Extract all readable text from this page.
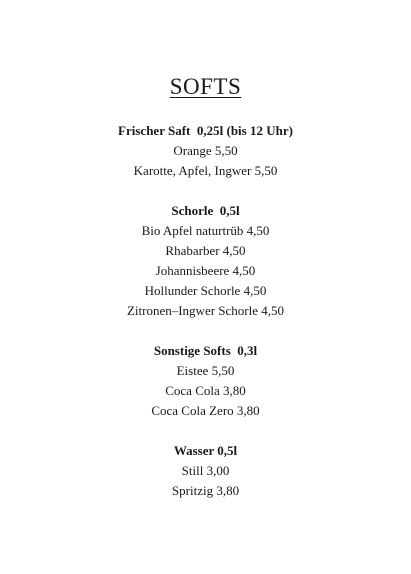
SOFTS
Frischer Saft  0,25l (bis 12 Uhr)
Orange 5,50
Karotte, Apfel, Ingwer 5,50
Schorle  0,5l
Bio Apfel naturtrüb 4,50
Rhabarber 4,50
Johannisbeere 4,50
Hollunder Schorle 4,50
Zitronen–Ingwer Schorle 4,50
Sonstige Softs  0,3l
Eistee 5,50
Coca Cola 3,80
Coca Cola Zero 3,80
Wasser 0,5l
Still 3,00
Spritzig 3,80
